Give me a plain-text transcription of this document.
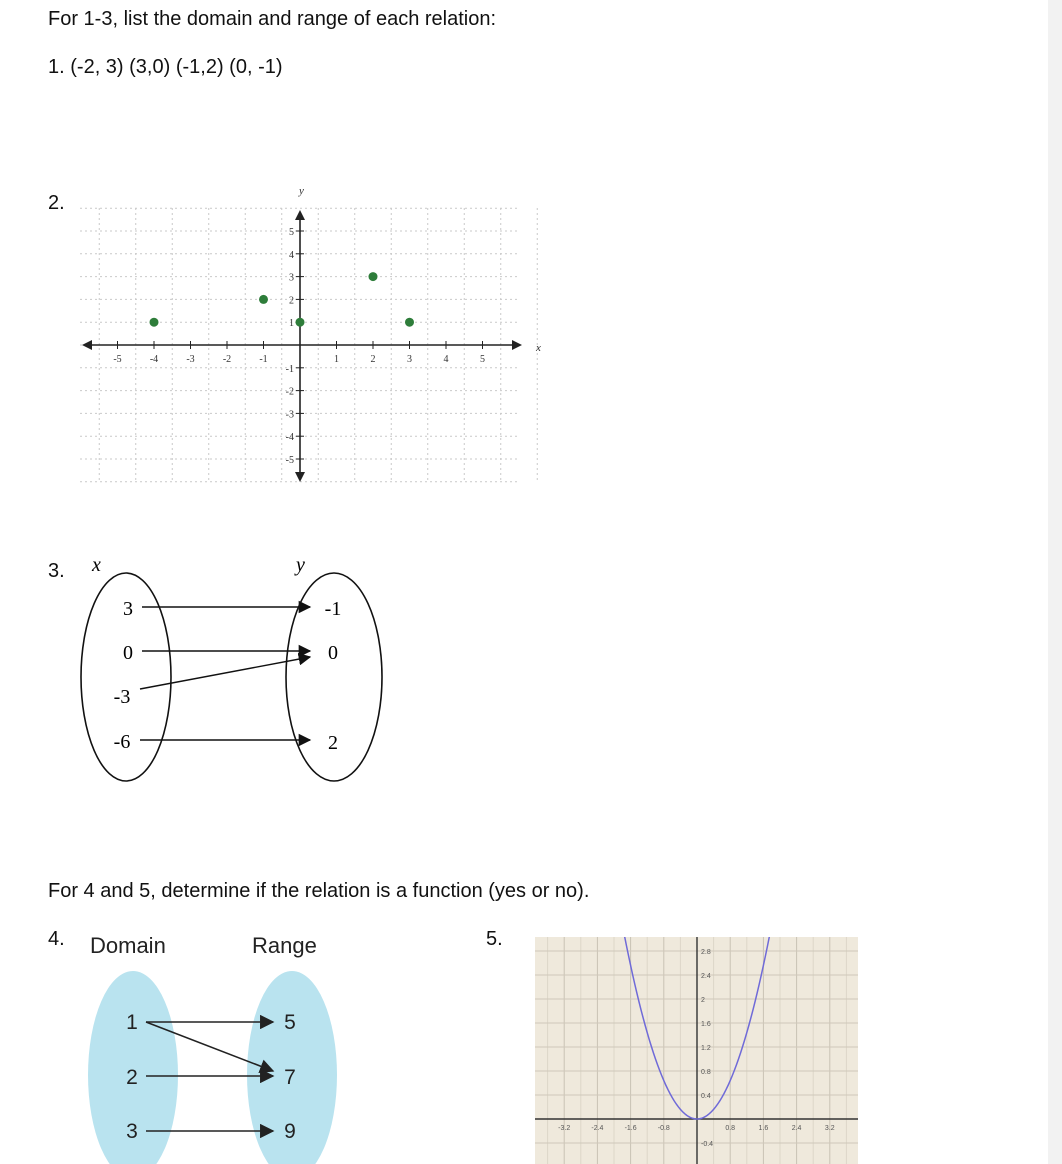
For 1-3, list the domain and range of each relation:
1. (-2, 3) (3,0) (-1,2) (0, -1)
2.
x
y
-5	-4	-3	-2	-1	1	2	3	4	5
5
4
3
2
1
-1
-2
-3
-4
-5
3. x	y
3
0
-3
-6
-1
0
2
For 4 and 5, determine if the relation is a function (yes or no).
4. Domain	Range
1
2
3
5
7
9
5.
-3.2	-2.4	-1.6	-0.8	0.8	1.6	2.4	3.2
2.8
2.4
2
1.6
1.2
0.8
0.4
-0.4
